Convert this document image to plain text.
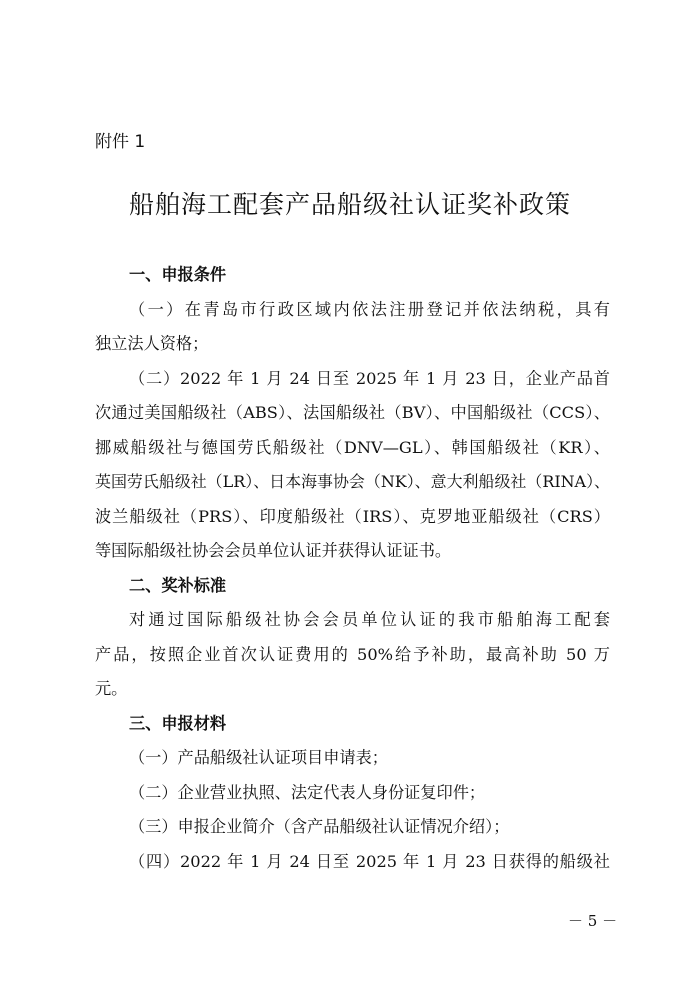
附件 1
船舶海工配套产品船级社认证奖补政策
一、申报条件
（一）在青岛市行政区域内依法注册登记并依法纳税，具有
独立法人资格；
（二）2022 年 1 月 24 日至 2025 年 1 月 23 日，企业产品首
次通过美国船级社（ABS）、法国船级社（BV）、中国船级社（CCS）、
挪威船级社与德国劳氏船级社（DNV—GL）、韩国船级社（KR）、
英国劳氏船级社（LR）、日本海事协会（NK）、意大利船级社（RINA）、
波兰船级社（PRS）、印度船级社（IRS）、克罗地亚船级社（CRS）
等国际船级社协会会员单位认证并获得认证证书。
二、奖补标准
对通过国际船级社协会会员单位认证的我市船舶海工配套
产品，按照企业首次认证费用的 50%给予补助，最高补助 50 万
元。
三、申报材料
（一）产品船级社认证项目申请表；
（二）企业营业执照、法定代表人身份证复印件；
（三）申报企业简介（含产品船级社认证情况介绍）；
（四）2022 年 1 月 24 日至 2025 年 1 月 23 日获得的船级社
－ 5 －
